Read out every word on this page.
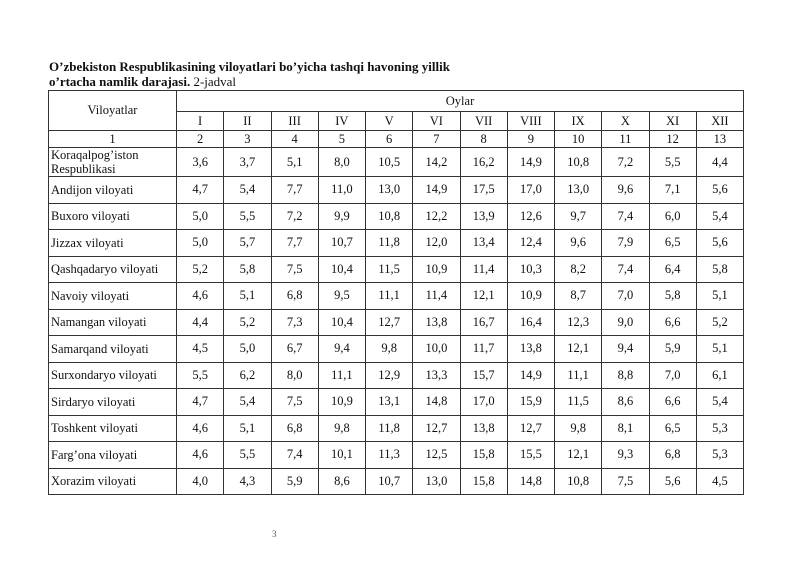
O’zbekiston Respublikasining viloyatlari bo’yicha tashqi havoning yillik
o’rtacha namlik darajasi. 2-jadval
Viloyatlar	Oylar											
	I	II	III	IV	V	VI	VII	VIII	IX	X	XI	XII
1	2	3	4	5	6	7	8	9	10	11	12	13
Koraqalpog’iston Respublikasi	3,6	3,7	5,1	8,0	10,5	14,2	16,2	14,9	10,8	7,2	5,5	4,4
Andijon viloyati	4,7	5,4	7,7	11,0	13,0	14,9	17,5	17,0	13,0	9,6	7,1	5,6
Buxoro viloyati	5,0	5,5	7,2	9,9	10,8	12,2	13,9	12,6	9,7	7,4	6,0	5,4
Jizzax viloyati	5,0	5,7	7,7	10,7	11,8	12,0	13,4	12,4	9,6	7,9	6,5	5,6
Qashqadaryo viloyati	5,2	5,8	7,5	10,4	11,5	10,9	11,4	10,3	8,2	7,4	6,4	5,8
Navoiy viloyati	4,6	5,1	6,8	9,5	11,1	11,4	12,1	10,9	8,7	7,0	5,8	5,1
Namangan viloyati	4,4	5,2	7,3	10,4	12,7	13,8	16,7	16,4	12,3	9,0	6,6	5,2
Samarqand viloyati	4,5	5,0	6,7	9,4	9,8	10,0	11,7	13,8	12,1	9,4	5,9	5,1
Surxondaryo viloyati	5,5	6,2	8,0	11,1	12,9	13,3	15,7	14,9	11,1	8,8	7,0	6,1
Sirdaryo viloyati	4,7	5,4	7,5	10,9	13,1	14,8	17,0	15,9	11,5	8,6	6,6	5,4
Toshkent viloyati	4,6	5,1	6,8	9,8	11,8	12,7	13,8	12,7	9,8	8,1	6,5	5,3
Farg’ona viloyati	4,6	5,5	7,4	10,1	11,3	12,5	15,8	15,5	12,1	9,3	6,8	5,3
Xorazim viloyati	4,0	4,3	5,9	8,6	10,7	13,0	15,8	14,8	10,8	7,5	5,6	4,5
3
